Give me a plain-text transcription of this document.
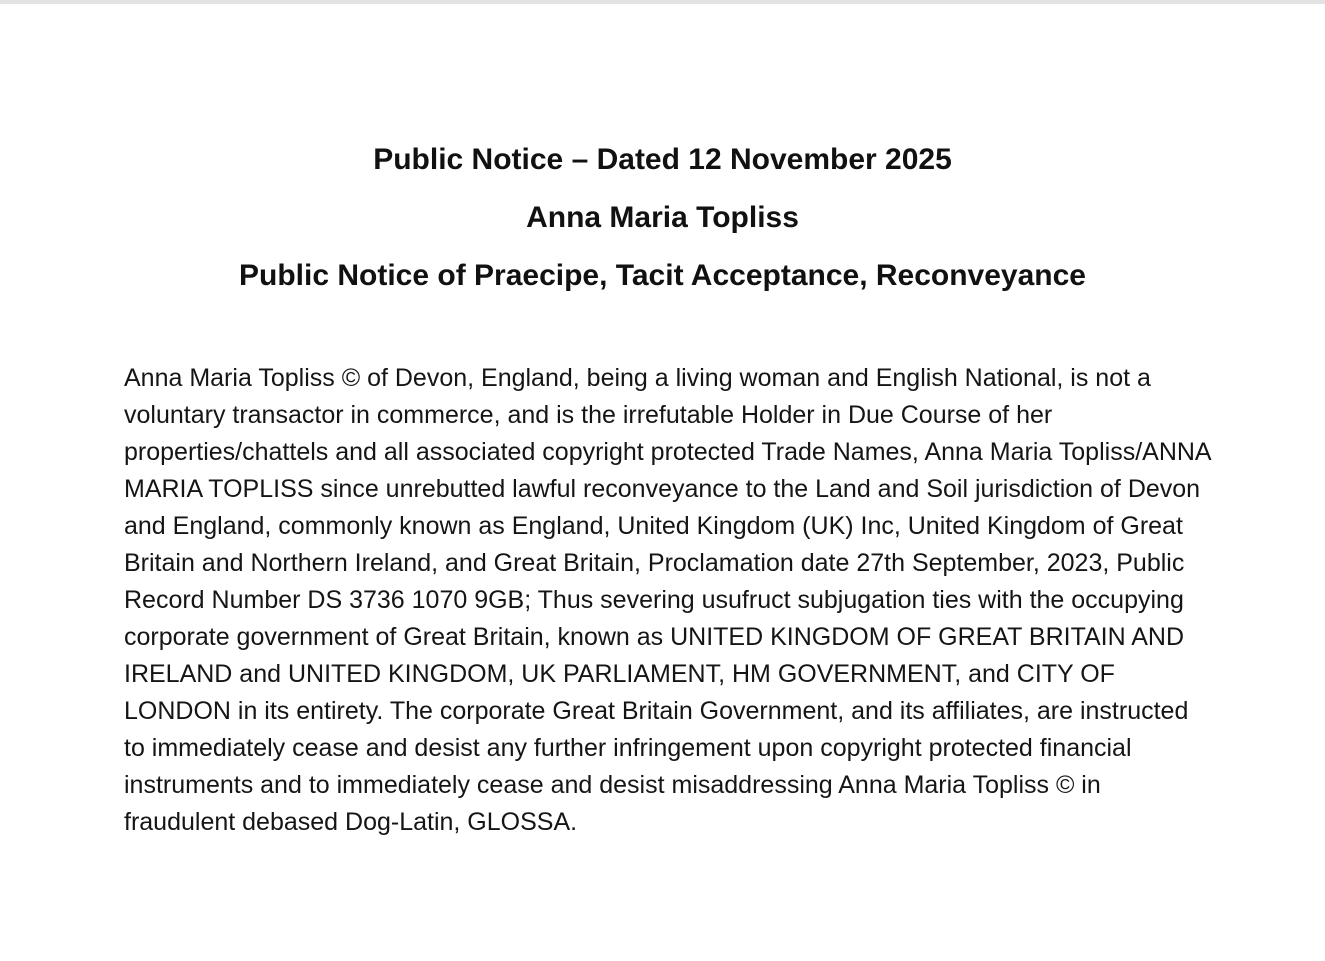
Public Notice – Dated 12 November 2025
Anna Maria Topliss
Public Notice of Praecipe, Tacit Acceptance, Reconveyance

Anna Maria Topliss © of Devon, England, being a living woman and English National, is not a voluntary transactor in commerce, and is the irrefutable Holder in Due Course of her properties/chattels and all associated copyright protected Trade Names, Anna Maria Topliss/ANNA MARIA TOPLISS since unrebutted lawful reconveyance to the Land and Soil jurisdiction of Devon and England, commonly known as England, United Kingdom (UK) Inc, United Kingdom of Great Britain and Northern Ireland, and Great Britain, Proclamation date 27th September, 2023, Public Record Number DS 3736 1070 9GB; Thus severing usufruct subjugation ties with the occupying corporate government of Great Britain, known as UNITED KINGDOM OF GREAT BRITAIN AND IRELAND and UNITED KINGDOM, UK PARLIAMENT, HM GOVERNMENT, and CITY OF LONDON in its entirety. The corporate Great Britain Government, and its affiliates, are instructed to immediately cease and desist any further infringement upon copyright protected financial instruments and to immediately cease and desist misaddressing Anna Maria Topliss © in fraudulent debased Dog-Latin, GLOSSA.
